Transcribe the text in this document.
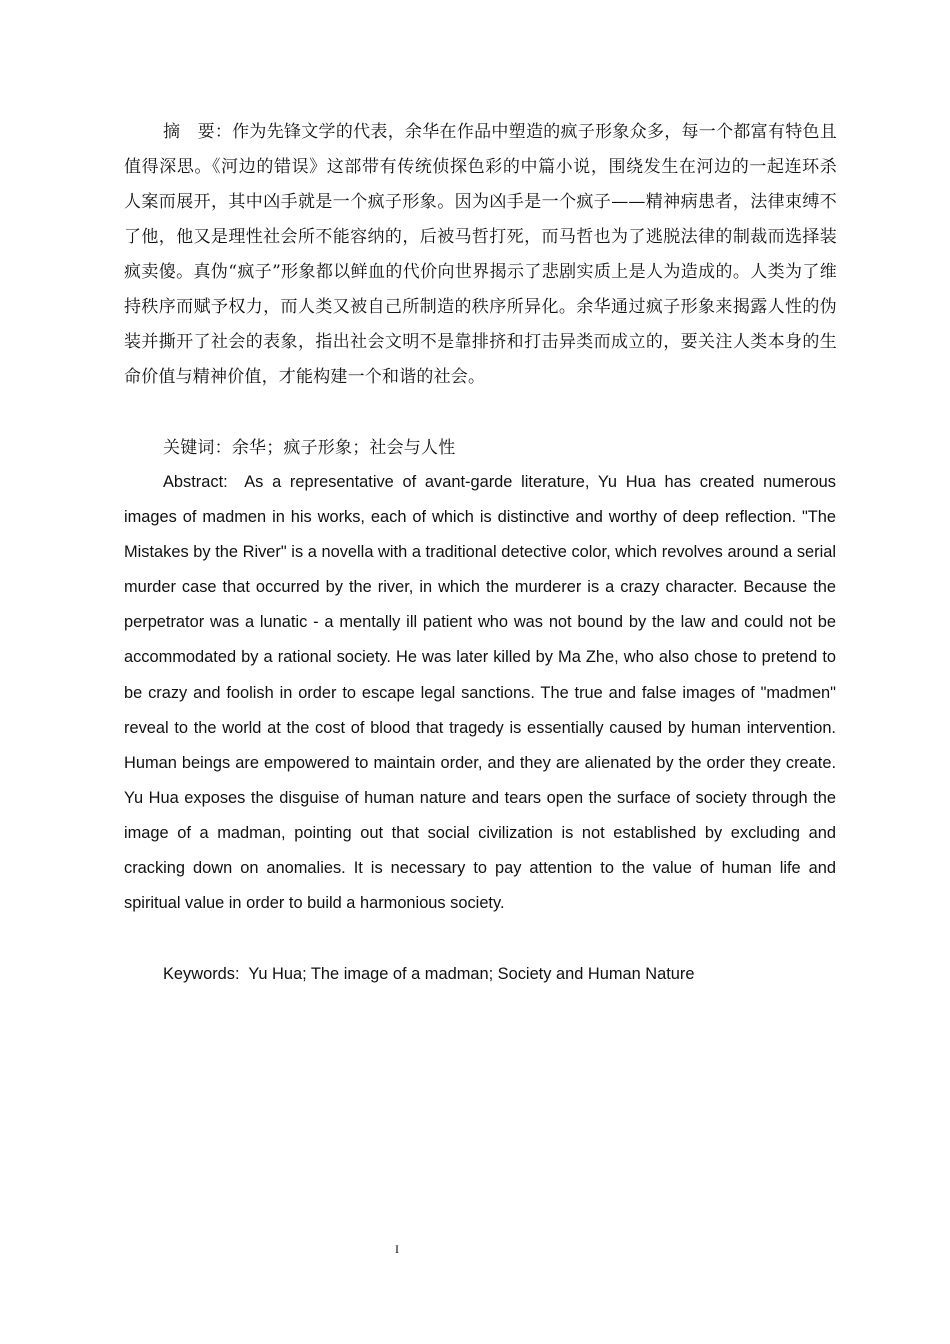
摘　要：作为先锋文学的代表，余华在作品中塑造的疯子形象众多，每一个都富有特色且值得深思。《河边的错误》这部带有传统侦探色彩的中篇小说，围绕发生在河边的一起连环杀人案而展开，其中凶手就是一个疯子形象。因为凶手是一个疯子——精神病患者，法律束缚不了他，他又是理性社会所不能容纳的，后被马哲打死，而马哲也为了逃脱法律的制裁而选择装疯卖傻。真伪“疯子”形象都以鲜血的代价向世界揭示了悲剧实质上是人为造成的。人类为了维持秩序而赋予权力，而人类又被自己所制造的秩序所异化。余华通过疯子形象来揭露人性的伪装并撕开了社会的表象，指出社会文明不是靠排挤和打击异类而成立的，要关注人类本身的生命价值与精神价值，才能构建一个和谐的社会。

关键词：余华；疯子形象；社会与人性

Abstract:  As a representative of avant-garde literature, Yu Hua has created numerous images of madmen in his works, each of which is distinctive and worthy of deep reflection. "The Mistakes by the River" is a novella with a traditional detective color, which revolves around a serial murder case that occurred by the river, in which the murderer is a crazy character. Because the perpetrator was a lunatic - a mentally ill patient who was not bound by the law and could not be accommodated by a rational society. He was later killed by Ma Zhe, who also chose to pretend to be crazy and foolish in order to escape legal sanctions. The true and false images of "madmen" reveal to the world at the cost of blood that tragedy is essentially caused by human intervention. Human beings are empowered to maintain order, and they are alienated by the order they create. Yu Hua exposes the disguise of human nature and tears open the surface of society through the image of a madman, pointing out that social civilization is not established by excluding and cracking down on anomalies. It is necessary to pay attention to the value of human life and spiritual value in order to build a harmonious society.

Keywords:  Yu Hua; The image of a madman; Society and Human Nature

I
